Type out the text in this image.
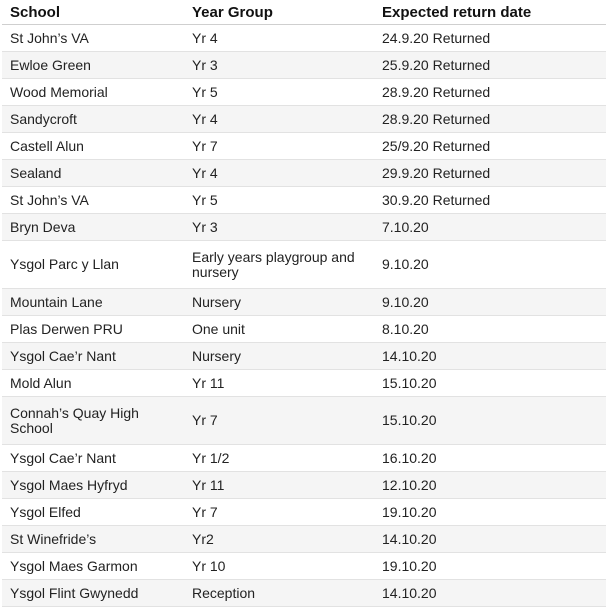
School	Year Group	Expected return date
St John’s VA	Yr 4	24.9.20 Returned
Ewloe Green	Yr 3	25.9.20 Returned
Wood Memorial	Yr 5	28.9.20 Returned
Sandycroft	Yr 4	28.9.20 Returned
Castell Alun	Yr 7	25/9.20 Returned
Sealand	Yr 4	29.9.20 Returned
St John’s VA	Yr 5	30.9.20 Returned
Bryn Deva	Yr 3	7.10.20
Ysgol Parc y Llan	Early years playgroup and nursery	9.10.20
Mountain Lane	Nursery	9.10.20
Plas Derwen PRU	One unit	8.10.20
Ysgol Cae’r Nant	Nursery	14.10.20
Mold Alun	Yr 11	15.10.20
Connah’s Quay High School	Yr 7	15.10.20
Ysgol Cae’r Nant	Yr 1/2	16.10.20
Ysgol Maes Hyfryd	Yr 11	12.10.20
Ysgol Elfed	Yr 7	19.10.20
St Winefride’s	Yr2	14.10.20
Ysgol Maes Garmon	Yr 10	19.10.20
Ysgol Flint Gwynedd	Reception	14.10.20
